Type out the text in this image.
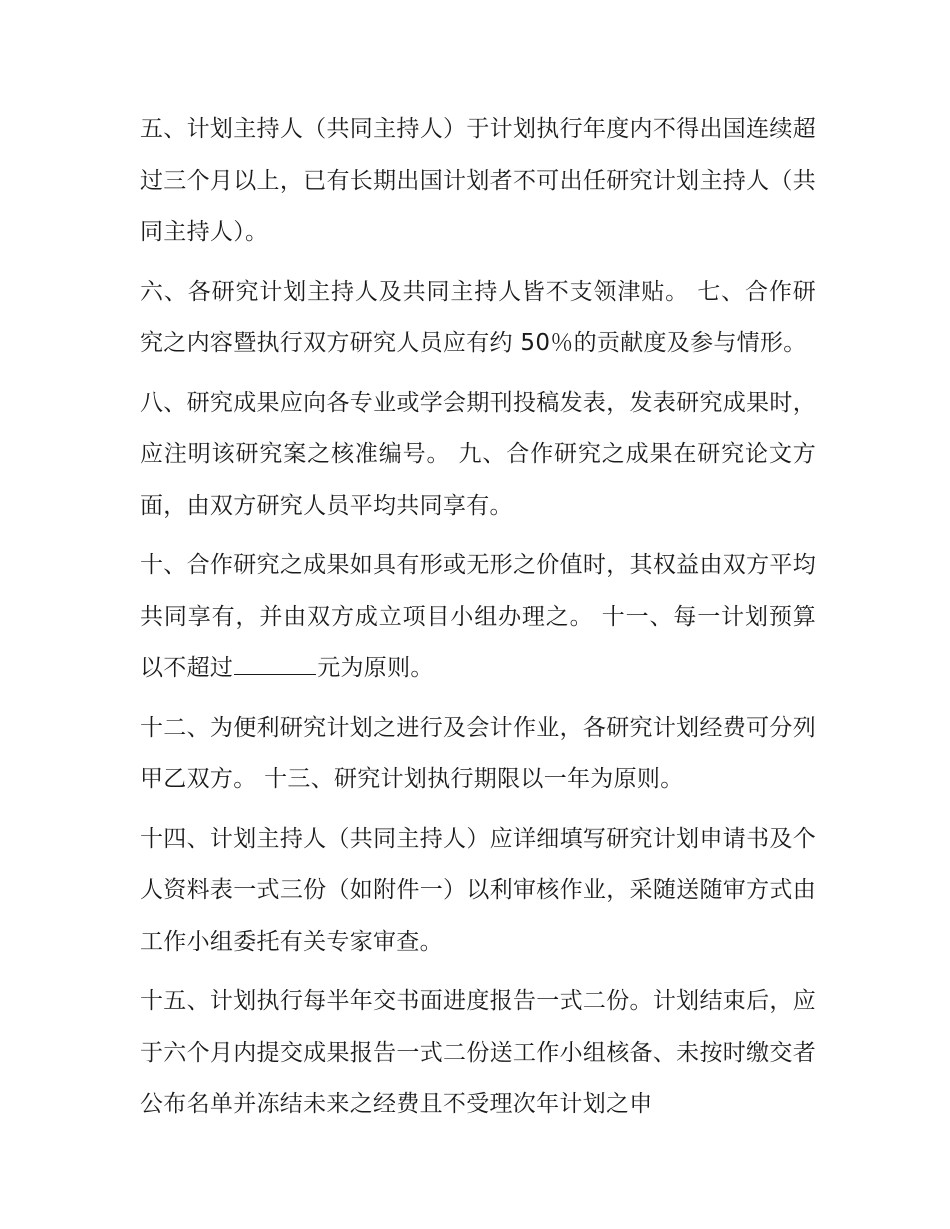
五、计划主持人（共同主持人）于计划执行年度内不得出国连续超过三个月以上，已有长期出国计划者不可出任研究计划主持人（共同主持人）。

六、各研究计划主持人及共同主持人皆不支领津贴。 七、合作研究之内容暨执行双方研究人员应有约 50％的贡献度及参与情形。

八、研究成果应向各专业或学会期刊投稿发表，发表研究成果时，应注明该研究案之核准编号。 九、合作研究之成果在研究论文方面，由双方研究人员平均共同享有。

十、合作研究之成果如具有形或无形之价值时，其权益由双方平均共同享有，并由双方成立项目小组办理之。 十一、每一计划预算以不超过	元为原则。

十二、为便利研究计划之进行及会计作业，各研究计划经费可分列甲乙双方。 十三、研究计划执行期限以一年为原则。

十四、计划主持人（共同主持人）应详细填写研究计划申请书及个人资料表一式三份（如附件一）以利审核作业，采随送随审方式由工作小组委托有关专家审查。

十五、计划执行每半年交书面进度报告一式二份。计划结束后，应于六个月内提交成果报告一式二份送工作小组核备、未按时缴交者公布名单并冻结未来之经费且不受理次年计划之申
